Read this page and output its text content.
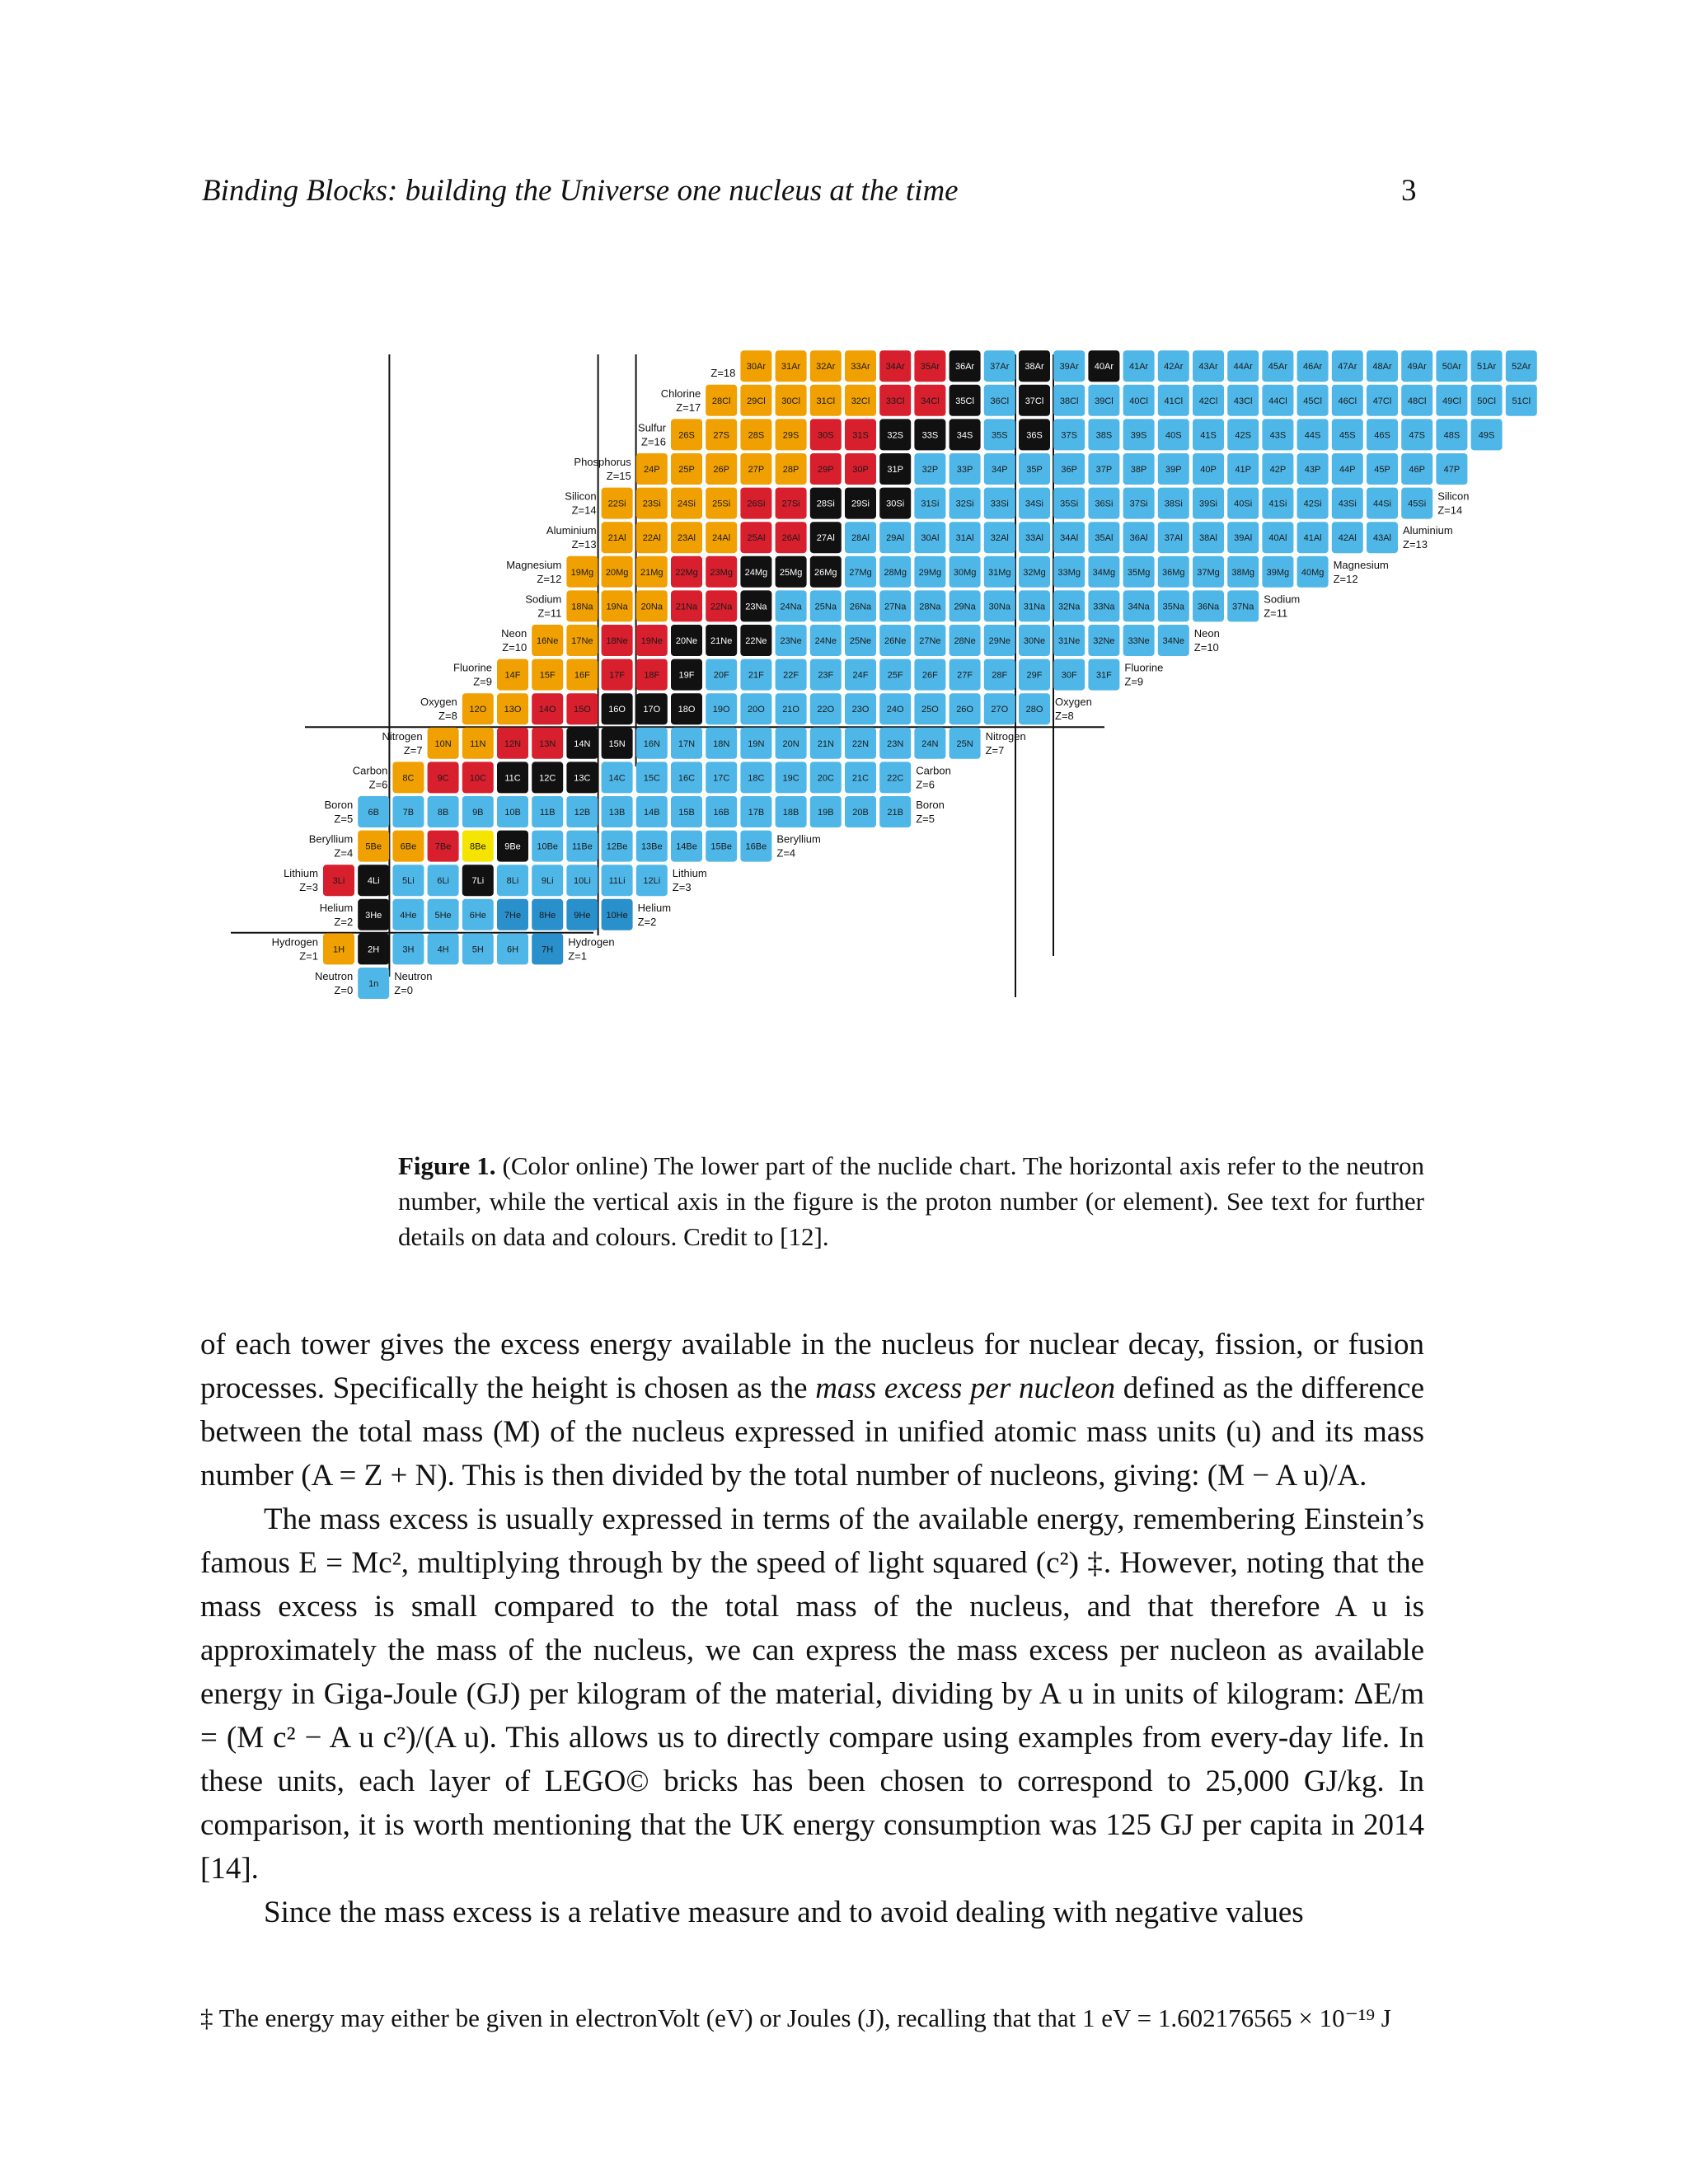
Binding Blocks: building the Universe one nucleus at the time	3
1n
1H	2H	3H	4H	5H	6H	7H
3He 4He 5He 6He 7He 8He 9He 10He
3Li	4Li	5Li	6Li	7Li	8Li	9Li 10Li 11Li 12Li
5Be 6Be 7Be 8Be 9Be 10Be 11Be 12Be 13Be 14Be 15Be 16Be
6B	7B	8B	9B 10B 11B 12B 13B 14B 15B 16B 17B 18B 19B 20B 21B
8C	9C 10C 11C 12C 13C 14C 15C 16C 17C 18C 19C 20C 21C 22C
10N 11N 12N 13N 14N 15N 16N 17N 18N 19N 20N 21N 22N 23N 24N 25N
12O 13O 14O 15O 16O 17O 18O 19O 20O 21O 22O 23O 24O 25O 26O 27O 28O
14F 15F 16F 17F 18F 19F 20F 21F 22F 23F 24F 25F 26F 27F 28F 29F 30F 31F
16Ne 17Ne 18Ne 19Ne 20Ne 21Ne 22Ne 23Ne 24Ne 25Ne 26Ne 27Ne 28Ne 29Ne 30Ne 31Ne 32Ne 33Ne 34Ne
18Na 19Na 20Na 21Na 22Na 23Na 24Na 25Na 26Na 27Na 28Na 29Na 30Na 31Na 32Na 33Na 34Na 35Na 36Na 37Na
19Mg 20Mg 21Mg 22Mg 23Mg 24Mg 25Mg 26Mg 27Mg 28Mg 29Mg 30Mg 31Mg 32Mg 33Mg 34Mg 35Mg 36Mg 37Mg 38Mg 39Mg 40Mg
21Al 22Al 23Al 24Al 25Al 26Al 27Al 28Al 29Al 30Al 31Al 32Al 33Al 34Al 35Al 36Al 37Al 38Al 39Al 40Al 41Al 42Al 43Al
22Si 23Si 24Si 25Si 26Si 27Si 28Si 29Si 30Si 31Si 32Si 33Si 34Si 35Si 36Si 37Si 38Si 39Si 40Si 41Si 42Si 43Si 44Si 45Si
24P 25P 26P 27P 28P 29P 30P 31P 32P 33P 34P 35P 36P 37P 38P 39P 40P 41P 42P 43P 44P 45P 46P 47P
26S 27S 28S 29S 30S 31S 32S 33S 34S 35S 36S 37S 38S 39S 40S 41S 42S 43S 44S 45S 46S 47S 48S 49S
28Cl 29Cl 30Cl 31Cl 32Cl 33Cl 34Cl 35Cl 36Cl 37Cl 38Cl 39Cl 40Cl 41Cl 42Cl 43Cl 44Cl 45Cl 46Cl 47Cl 48Cl 49Cl 50Cl 51Cl
30Ar 31Ar 32Ar 33Ar 34Ar 35Ar 36Ar 37Ar 38Ar 39Ar 40Ar 41Ar 42Ar 43Ar 44Ar 45Ar 46Ar 47Ar 48Ar 49Ar 50Ar 51Ar 52Ar
Neutron
Z=0
Hydrogen
Z=1
Helium
Z=2
Lithium
Z=3
Beryllium
Z=4
Boron
Z=5
Carbon
Z=6
Nitrogen
Z=7
Oxygen
Z=8
Fluorine
Z=9
Neon
Z=10
Sodium
Z=11
Magnesium
Z=12
Aluminium
Z=13
Silicon
Z=14
Phosphorus
Z=15
Sulfur
Z=16
Chlorine
Z=17
Z=18
Neutron
Z=0
Hydrogen
Z=1
Helium
Z=2
Lithium
Z=3
Beryllium
Z=4
Boron
Z=5
Carbon
Z=6
Nitrogen
Z=7
Oxygen
Z=8
Fluorine
Z=9
Neon
Z=10
Sodium
Z=11
Magnesium
Z=12
Aluminium
Z=13
Silicon
Z=14
Figure 1. (Color online) The lower part of the nuclide chart. The horizontal axis refer to the neutron number, while the vertical axis in the figure is the proton number (or element). See text for further details on data and colours. Credit to [12].

of each tower gives the excess energy available in the nucleus for nuclear decay, fission, or fusion processes. Specifically the height is chosen as the mass excess per nucleon defined as the difference between the total mass (M) of the nucleus expressed in unified atomic mass units (u) and its mass number (A = Z + N). This is then divided by the total number of nucleons, giving: (M − A u)/A.

The mass excess is usually expressed in terms of the available energy, remembering Einstein’s famous E = Mc², multiplying through by the speed of light squared (c²) ‡. However, noting that the mass excess is small compared to the total mass of the nucleus, and that therefore A u is approximately the mass of the nucleus, we can express the mass excess per nucleon as available energy in Giga-Joule (GJ) per kilogram of the material, dividing by A u in units of kilogram: ΔE/m = (M c² − A u c²)/(A u). This allows us to directly compare using examples from every-day life. In these units, each layer of LEGO© bricks has been chosen to correspond to 25,000 GJ/kg. In comparison, it is worth mentioning that the UK energy consumption was 125 GJ per capita in 2014 [14].

Since the mass excess is a relative measure and to avoid dealing with negative values

‡ The energy may either be given in electronVolt (eV) or Joules (J), recalling that that 1 eV = 1.602176565 × 10⁻¹⁹ J
